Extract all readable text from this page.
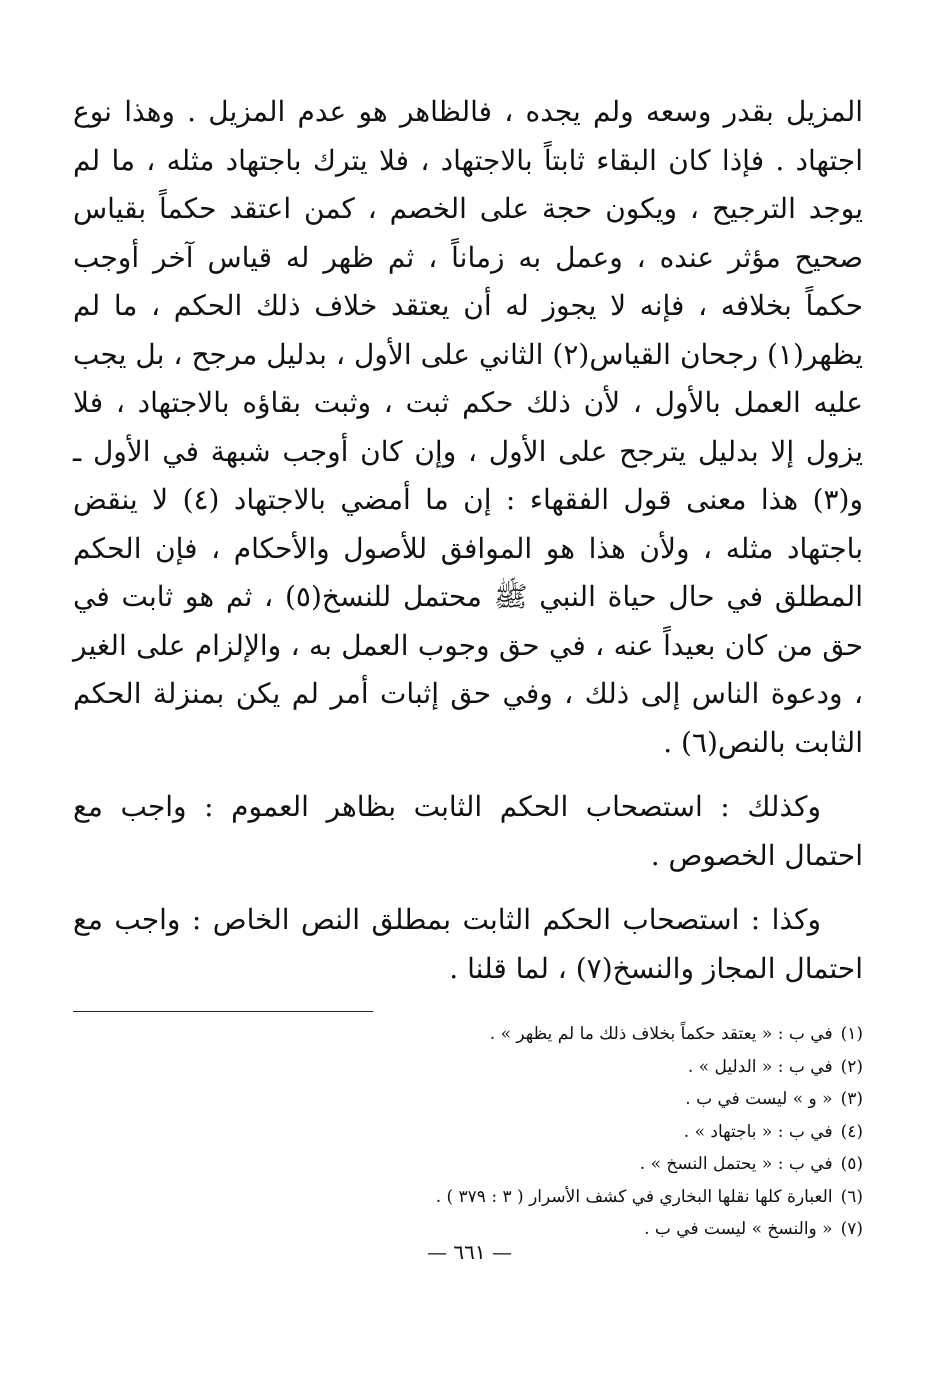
المزيل بقدر وسعه ولم يجده ، فالظاهر هو عدم المزيل . وهذا نوع اجتهاد . فإذا كان البقاء ثابتاً بالاجتهاد ، فلا يترك باجتهاد مثله ، ما لم يوجد الترجيح ، ويكون حجة على الخصم ، كمن اعتقد حكماً بقياس صحيح مؤثر عنده ، وعمل به زماناً ، ثم ظهر له قياس آخر أوجب حكماً بخلافه ، فإنه لا يجوز له أن يعتقد خلاف ذلك الحكم ، ما لم يظهر(١) رجحان القياس(٢) الثاني على الأول ، بدليل مرجح ، بل يجب عليه العمل بالأول ، لأن ذلك حكم ثبت ، وثبت بقاؤه بالاجتهاد ، فلا يزول إلا بدليل يترجح على الأول ، وإن كان أوجب شبهة في الأول ـ و(٣) هذا معنى قول الفقهاء : إن ما أمضي بالاجتهاد (٤) لا ينقض باجتهاد مثله ، ولأن هذا هو الموافق للأصول والأحكام ، فإن الحكم المطلق في حال حياة النبي ﷺ محتمل للنسخ(٥) ، ثم هو ثابت في حق من كان بعيداً عنه ، في حق وجوب العمل به ، والإلزام على الغير ، ودعوة الناس إلى ذلك ، وفي حق إثبات أمر لم يكن بمنزلة الحكم الثابت بالنص(٦) .

وكذلك : استصحاب الحكم الثابت بظاهر العموم : واجب مع احتمال الخصوص .

وكذا : استصحاب الحكم الثابت بمطلق النص الخاص : واجب مع احتمال المجاز والنسخ(٧) ، لما قلنا .

(١)في ب : « يعتقد حكماً بخلاف ذلك ما لم يظهر » .
(٢)في ب : « الدليل » .
(٣)« و » ليست في ب .
(٤)في ب : « باجتهاد » .
(٥)في ب : « يحتمل النسخ » .
(٦)العبارة كلها نقلها البخاري في كشف الأسرار ( ٣ : ٣٧٩ ) .
(٧)« والنسخ » ليست في ب .
— ٦٦١ —
